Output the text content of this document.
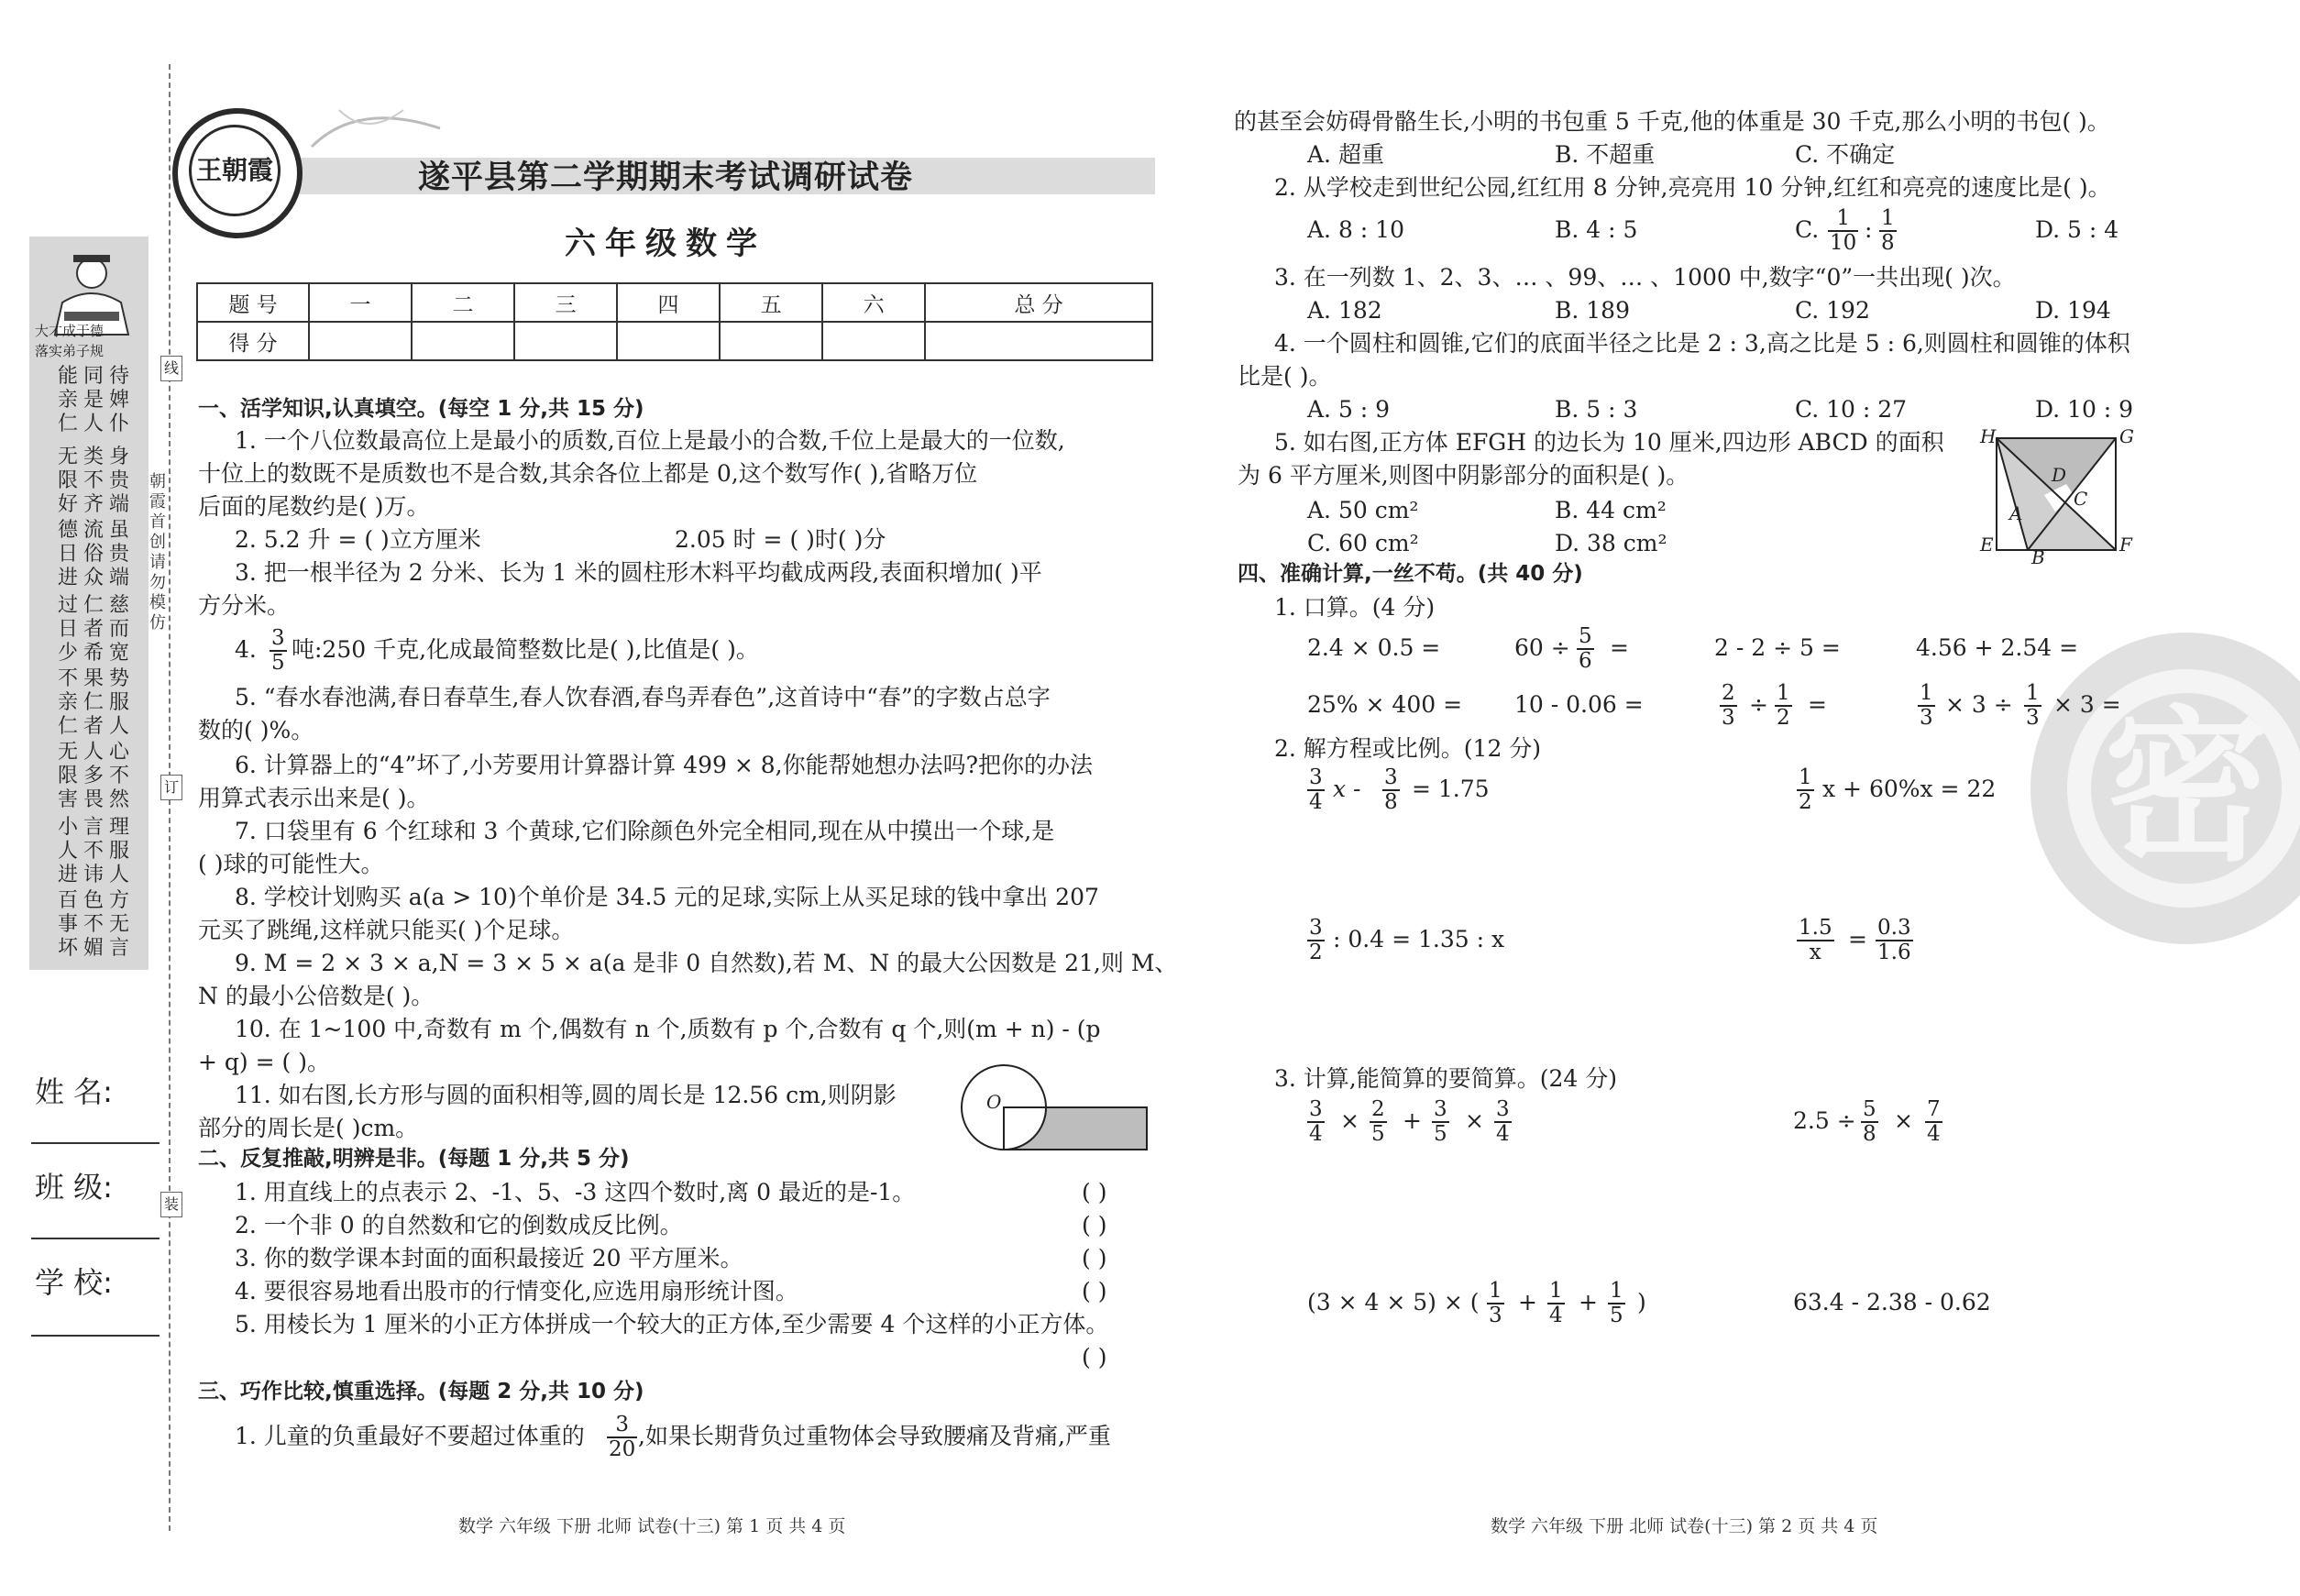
大才成于德
落实弟子规
待婢仆
同是人
能亲仁
身贵端
类不齐
无限好
虽贵端
流俗众
德日进
慈而宽
仁者希
过日少
势服人
果仁者
不亲仁
心不然
人多畏
无限害
理服人
言不讳
小人进
方无言
色不媚
百事坏
朝霞首创 请勿模仿
线
订
装
姓 名:
班 级:
学 校:
王朝霞	遂平县第二学期期末考试调研试卷
六年级数学
题 号	一	二	三	四	五	六	总 分
得 分							
一、活学知识,认真填空。(每空 1 分,共 15 分)
1. 一个八位数最高位上是最小的质数,百位上是最小的合数,千位上是最大的一位数,
十位上的数既不是质数也不是合数,其余各位上都是 0,这个数写作( ),省略万位
后面的尾数约是( )万。
2. 5.2 升 = ( )立方厘米	2.05 时 = ( )时( )分
3. 把一根半径为 2 分米、长为 1 米的圆柱形木料平均截成两段,表面积增加( )平
方分米。
4. $\frac{3}{5}$ 吨:250 千克,化成最简整数比是( ),比值是( )。
5. “春水春池满,春日春草生,春人饮春酒,春鸟弄春色”,这首诗中“春”的字数占总字
数的( )%。
6. 计算器上的“4”坏了,小芳要用计算器计算 499 × 8,你能帮她想办法吗?把你的办法
用算式表示出来是( )。
7. 口袋里有 6 个红球和 3 个黄球,它们除颜色外完全相同,现在从中摸出一个球,是
( )球的可能性大。
8. 学校计划购买 a(a > 10)个单价是 34.5 元的足球,实际上从买足球的钱中拿出 207
元买了跳绳,这样就只能买( )个足球。
9. M = 2 × 3 × a,N = 3 × 5 × a(a 是非 0 自然数),若 M、N 的最大公因数是 21,则 M、
N 的最小公倍数是( )。
10. 在 1~100 中,奇数有 m 个,偶数有 n 个,质数有 p 个,合数有 q 个,则(m + n) - (p
+ q) = ( )。
11. 如右图,长方形与圆的面积相等,圆的周长是 12.56 cm,则阴影
部分的周长是( )cm。
O
二、反复推敲,明辨是非。(每题 1 分,共 5 分)
1. 用直线上的点表示 2、-1、5、-3 这四个数时,离 0 最近的是-1。	( )
2. 一个非 0 的自然数和它的倒数成反比例。	( )
3. 你的数学课本封面的面积最接近 20 平方厘米。	( )
4. 要很容易地看出股市的行情变化,应选用扇形统计图。	( )
5. 用棱长为 1 厘米的小正方体拼成一个较大的正方体,至少需要 4 个这样的小正方体。
( )
三、巧作比较,慎重选择。(每题 2 分,共 10 分)
1. 儿童的负重最好不要超过体重的 $\frac{3}{20}$ ,如果长期背负过重物体会导致腰痛及背痛,严重
数学 六年级 下册 北师 试卷(十三) 第 1 页 共 4 页
密
的甚至会妨碍骨骼生长,小明的书包重 5 千克,他的体重是 30 千克,那么小明的书包( )。
A. 超重	B. 不超重	C. 不确定
2. 从学校走到世纪公园,红红用 8 分钟,亮亮用 10 分钟,红红和亮亮的速度比是( )。
A. 8 : 10	B. 4 : 5	C. $\frac{1}{10}$ : $\frac{1}{8}$	D. 5 : 4
3. 在一列数 1、2、3、… 、99、… 、1000 中,数字“0”一共出现( )次。
A. 182	B. 189	C. 192	D. 194
4. 一个圆柱和圆锥,它们的底面半径之比是 2 : 3,高之比是 5 : 6,则圆柱和圆锥的体积
比是( )。
A. 5 : 9	B. 5 : 3	C. 10 : 27	D. 10 : 9
5. 如右图,正方体 EFGH 的边长为 10 厘米,四边形 ABCD 的面积
为 6 平方厘米,则图中阴影部分的面积是( )。
A. 50 cm²	B. 44 cm²
C. 60 cm²	D. 38 cm²
H	G
E	F
A
B
C
D
四、准确计算,一丝不苟。(共 40 分)
1. 口算。(4 分)
2.4 × 0.5 =	$60 \div \frac{5}{6}$ =	2 - 2 ÷ 5 =	4.56 + 2.54 =
25% × 400 = 10 - 0.06 =	$\frac{2}{3} \div \frac{1}{2}$ =	$\frac{1}{3} \times 3 \div \frac{1}{3} \times 3$ =
2. 解方程或比例。(12 分)
$\frac{3}{4}$ $x - \frac{3}{8} = 1.75$	$\frac{1}{2}$ x + 60%x = 22
$\frac{3}{2}$ : 0.4 = 1.35 : x	$\frac{1.5}{x} = \frac{0.3}{1.6}$
3. 计算,能简算的要简算。(24 分)
$\frac{3}{4} \times \frac{2}{5} + \frac{3}{5} \times \frac{3}{4}$	$2.5 \div \frac{5}{8} \times \frac{7}{4}$
(3 × 4 × 5) × ( $\frac{1}{3} + \frac{1}{4} + \frac{1}{5}$ )	63.4 - 2.38 - 0.62
数学 六年级 下册 北师 试卷(十三) 第 2 页 共 4 页
